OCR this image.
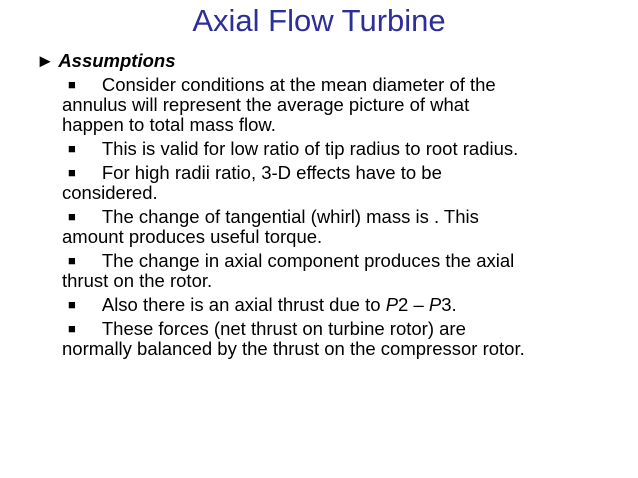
Axial Flow Turbine
► Assumptions

■ Consider conditions at the mean diameter of the
annulus will represent the average picture of what
happen to total mass flow.

■ This is valid for low ratio of tip radius to root radius.

■ For high radii ratio, 3-D effects have to be
considered.

■ The change of tangential (whirl) mass is . This
amount produces useful torque.

■ The change in axial component produces the axial
thrust on the rotor.

■ Also there is an axial thrust due to P2 – P3.

■ These forces (net thrust on turbine rotor) are
normally balanced by the thrust on the compressor rotor.
